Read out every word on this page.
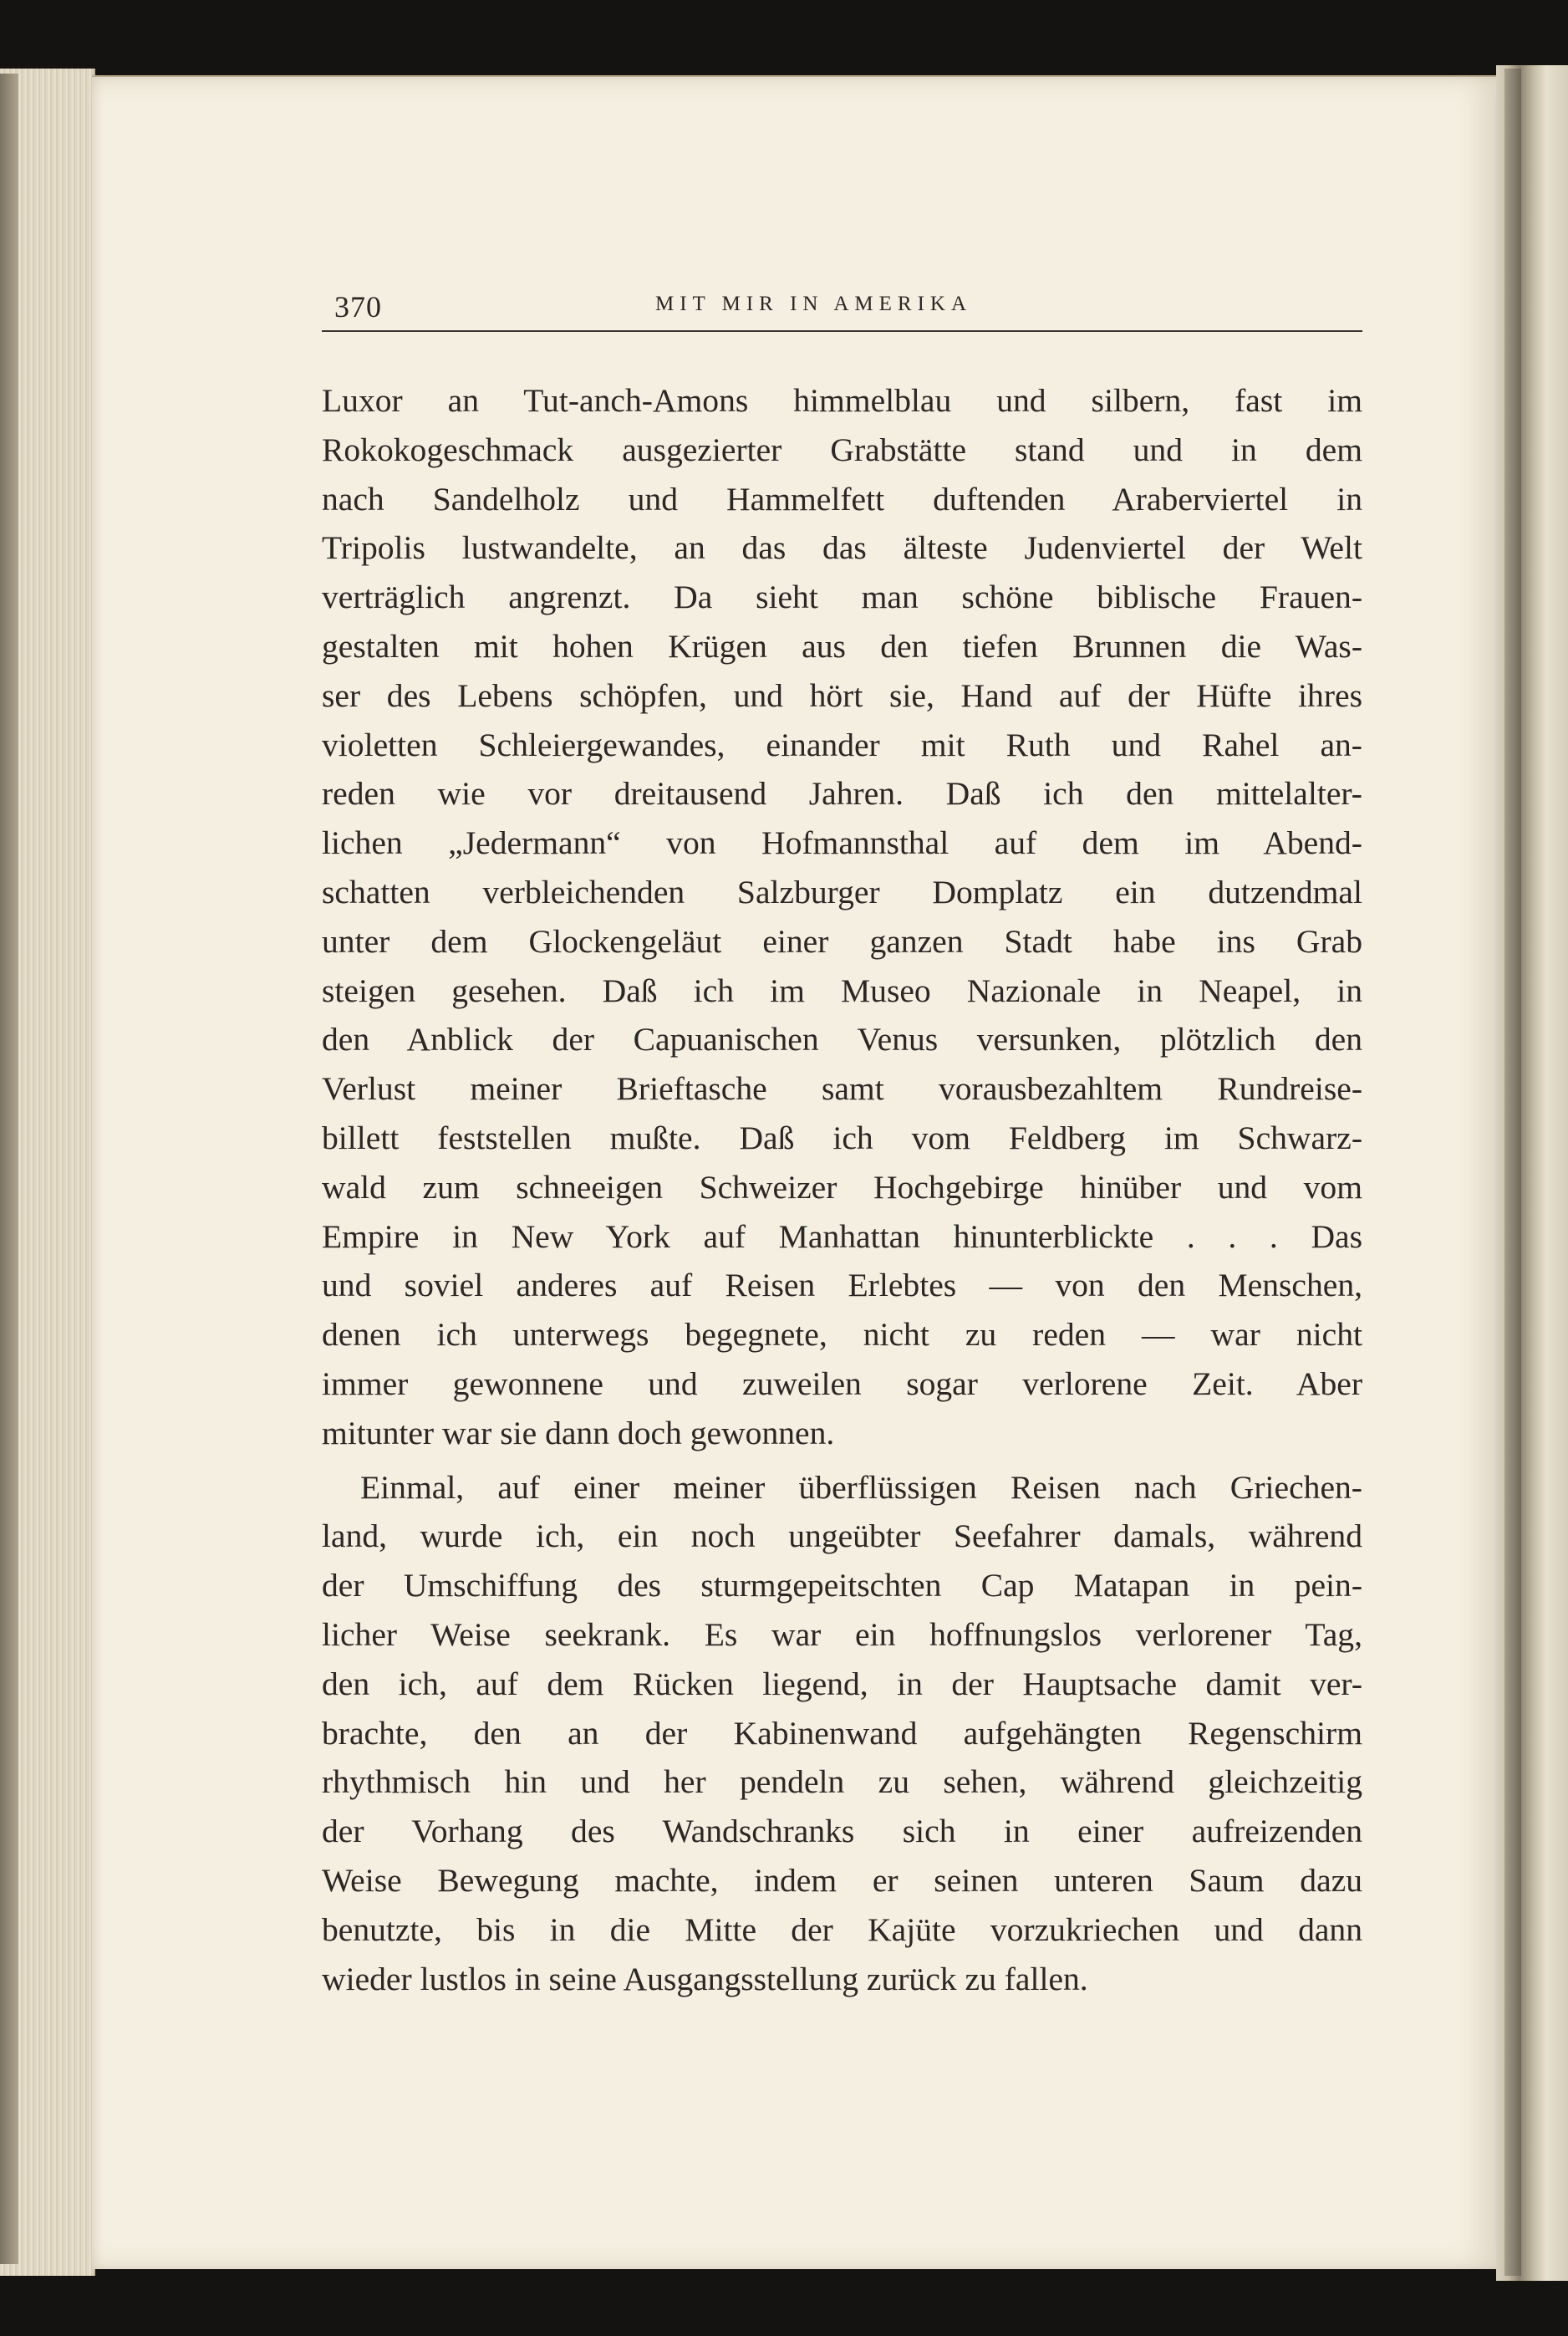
370	MIT MIR IN AMERIKA
Luxor an Tut-anch-Amons himmelblau und silbern, fast im
Rokokogeschmack ausgezierter Grabstätte stand und in dem
nach Sandelholz und Hammelfett duftenden Araberviertel in
Tripolis lustwandelte, an das das älteste Judenviertel der Welt
verträglich angrenzt. Da sieht man schöne biblische Frauen-
gestalten mit hohen Krügen aus den tiefen Brunnen die Was-
ser des Lebens schöpfen, und hört sie, Hand auf der Hüfte ihres
violetten Schleiergewandes, einander mit Ruth und Rahel an-
reden wie vor dreitausend Jahren. Daß ich den mittelalter-
lichen „Jedermann“ von Hofmannsthal auf dem im Abend-
schatten verbleichenden Salzburger Domplatz ein dutzendmal
unter dem Glockengeläut einer ganzen Stadt habe ins Grab
steigen gesehen. Daß ich im Museo Nazionale in Neapel, in
den Anblick der Capuanischen Venus versunken, plötzlich den
Verlust meiner Brieftasche samt vorausbezahltem Rundreise-
billett feststellen mußte. Daß ich vom Feldberg im Schwarz-
wald zum schneeigen Schweizer Hochgebirge hinüber und vom
Empire in New York auf Manhattan hinunterblickte . . . Das
und soviel anderes auf Reisen Erlebtes — von den Menschen,
denen ich unterwegs begegnete, nicht zu reden — war nicht
immer gewonnene und zuweilen sogar verlorene Zeit. Aber
mitunter war sie dann doch gewonnen.
Einmal, auf einer meiner überflüssigen Reisen nach Griechen-
land, wurde ich, ein noch ungeübter Seefahrer damals, während
der Umschiffung des sturmgepeitschten Cap Matapan in pein-
licher Weise seekrank. Es war ein hoffnungslos verlorener Tag,
den ich, auf dem Rücken liegend, in der Hauptsache damit ver-
brachte, den an der Kabinenwand aufgehängten Regenschirm
rhythmisch hin und her pendeln zu sehen, während gleichzeitig
der Vorhang des Wandschranks sich in einer aufreizenden
Weise Bewegung machte, indem er seinen unteren Saum dazu
benutzte, bis in die Mitte der Kajüte vorzukriechen und dann
wieder lustlos in seine Ausgangsstellung zurück zu fallen.
